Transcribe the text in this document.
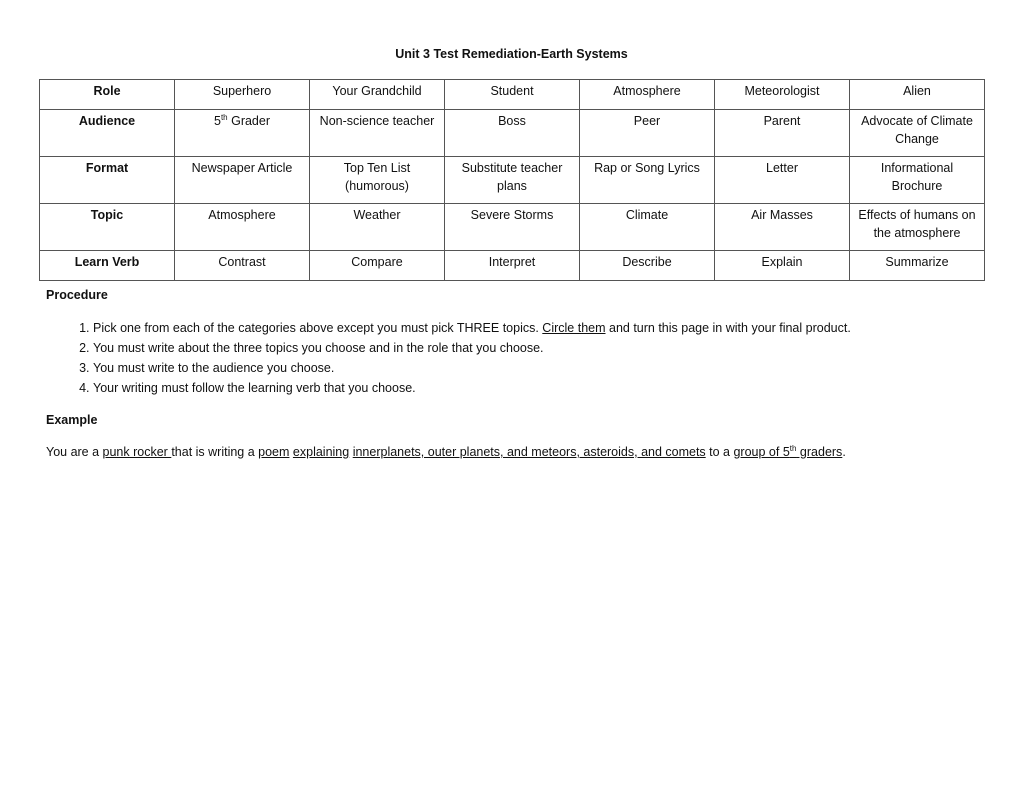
Unit 3 Test Remediation-Earth Systems
Role	Superhero	Your Grandchild	Student	Atmosphere	Meteorologist	Alien
Audience	5th Grader	Non-science teacher	Boss	Peer	Parent	Advocate of Climate Change
Format	Newspaper Article	Top Ten List (humorous)	Substitute teacher plans	Rap or Song Lyrics	Letter	Informational Brochure
Topic	Atmosphere	Weather	Severe Storms	Climate	Air Masses	Effects of humans on the atmosphere
Learn Verb	Contrast	Compare	Interpret	Describe	Explain	Summarize
Procedure
1. Pick one from each of the categories above except you must pick THREE topics. Circle them and turn this page in with your final product.
2. You must write about the three topics you choose and in the role that you choose.
3. You must write to the audience you choose.
4. Your writing must follow the learning verb that you choose.
Example
You are a punk rocker that is writing a poem explaining innerplanets, outer planets, and meteors, asteroids, and comets to a group of 5th graders.
